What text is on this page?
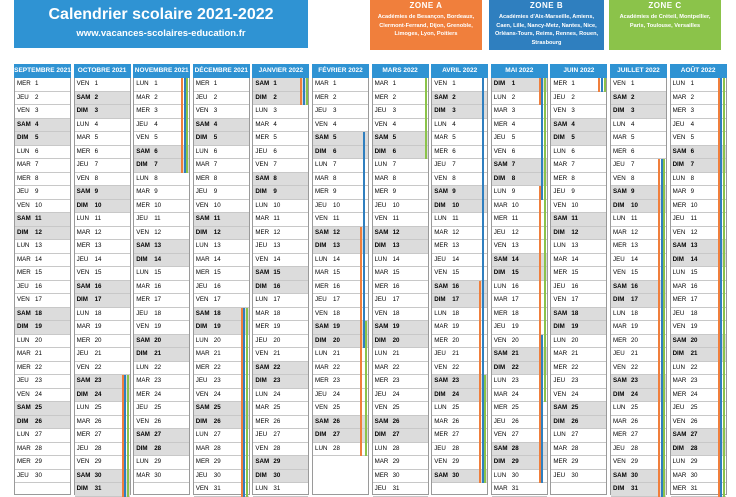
Calendrier scolaire 2021-2022
www.vacances-scolaires-education.fr
ZONE A
Académies de Besançon, Bordeaux, Clermont-Ferrand, Dijon, Grenoble, Limoges, Lyon, Poitiers
ZONE B
Académies d'Aix-Marseille, Amiens, Caen, Lille, Nancy-Metz, Nantes, Nice, Orléans-Tours, Reims, Rennes, Rouen, Strasbourg
ZONE C
Académies de Créteil, Montpellier, Paris, Toulouse, Versailles
SEPTEMBRE 2021
MER 1
JEU 2
VEN 3
SAM 4
DIM 5
LUN 6
MAR 7
MER 8
JEU 9
VEN 10
SAM 11
DIM 12
LUN 13
MAR 14
MER 15
JEU 16
VEN 17
SAM 18
DIM 19
LUN 20
MAR 21
MER 22
JEU 23
VEN 24
SAM 25
DIM 26
LUN 27
MAR 28
MER 29
JEU 30
OCTOBRE 2021
VEN 1
SAM 2
DIM 3
LUN 4
MAR 5
MER 6
JEU 7
VEN 8
SAM 9
DIM 10
LUN 11
MAR 12
MER 13
JEU 14
VEN 15
SAM 16
DIM 17
LUN 18
MAR 19
MER 20
JEU 21
VEN 22
SAM 23
DIM 24
LUN 25
MAR 26
MER 27
JEU 28
VEN 29
SAM 30
DIM 31
NOVEMBRE 2021
LUN 1
MAR 2
MER 3
JEU 4
VEN 5
SAM 6
DIM 7
LUN 8
MAR 9
MER 10
JEU 11
VEN 12
SAM 13
DIM 14
LUN 15
MAR 16
MER 17
JEU 18
VEN 19
SAM 20
DIM 21
LUN 22
MAR 23
MER 24
JEU 25
VEN 26
SAM 27
DIM 28
LUN 29
MAR 30
DÉCEMBRE 2021
MER 1
JEU 2
VEN 3
SAM 4
DIM 5
LUN 6
MAR 7
MER 8
JEU 9
VEN 10
SAM 11
DIM 12
LUN 13
MAR 14
MER 15
JEU 16
VEN 17
SAM 18
DIM 19
LUN 20
MAR 21
MER 22
JEU 23
VEN 24
SAM 25
DIM 26
LUN 27
MAR 28
MER 29
JEU 30
VEN 31
JANVIER 2022
SAM 1
DIM 2
LUN 3
MAR 4
MER 5
JEU 6
VEN 7
SAM 8
DIM 9
LUN 10
MAR 11
MER 12
JEU 13
VEN 14
SAM 15
DIM 16
LUN 17
MAR 18
MER 19
JEU 20
VEN 21
SAM 22
DIM 23
LUN 24
MAR 25
MER 26
JEU 27
VEN 28
SAM 29
DIM 30
LUN 31
FÉVRIER 2022
MAR 1
MER 2
JEU 3
VEN 4
SAM 5
DIM 6
LUN 7
MAR 8
MER 9
JEU 10
VEN 11
SAM 12
DIM 13
LUN 14
MAR 15
MER 16
JEU 17
VEN 18
SAM 19
DIM 20
LUN 21
MAR 22
MER 23
JEU 24
VEN 25
SAM 26
DIM 27
LUN 28
MARS 2022
MAR 1
MER 2
JEU 3
VEN 4
SAM 5
DIM 6
LUN 7
MAR 8
MER 9
JEU 10
VEN 11
SAM 12
DIM 13
LUN 14
MAR 15
MER 16
JEU 17
VEN 18
SAM 19
DIM 20
LUN 21
MAR 22
MER 23
JEU 24
VEN 25
SAM 26
DIM 27
LUN 28
MAR 29
MER 30
JEU 31
AVRIL 2022
VEN 1
SAM 2
DIM 3
LUN 4
MAR 5
MER 6
JEU 7
VEN 8
SAM 9
DIM 10
LUN 11
MAR 12
MER 13
JEU 14
VEN 15
SAM 16
DIM 17
LUN 18
MAR 19
MER 20
JEU 21
VEN 22
SAM 23
DIM 24
LUN 25
MAR 26
MER 27
JEU 28
VEN 29
SAM 30
MAI 2022
DIM 1
LUN 2
MAR 3
MER 4
JEU 5
VEN 6
SAM 7
DIM 8
LUN 9
MAR 10
MER 11
JEU 12
VEN 13
SAM 14
DIM 15
LUN 16
MAR 17
MER 18
JEU 19
VEN 20
SAM 21
DIM 22
LUN 23
MAR 24
MER 25
JEU 26
VEN 27
SAM 28
DIM 29
LUN 30
MAR 31
JUIN 2022
MER 1
JEU 2
VEN 3
SAM 4
DIM 5
LUN 6
MAR 7
MER 8
JEU 9
VEN 10
SAM 11
DIM 12
LUN 13
MAR 14
MER 15
JEU 16
VEN 17
SAM 18
DIM 19
LUN 20
MAR 21
MER 22
JEU 23
VEN 24
SAM 25
DIM 26
LUN 27
MAR 28
MER 29
JEU 30
JUILLET 2022
VEN 1
SAM 2
DIM 3
LUN 4
MAR 5
MER 6
JEU 7
VEN 8
SAM 9
DIM 10
LUN 11
MAR 12
MER 13
JEU 14
VEN 15
SAM 16
DIM 17
LUN 18
MAR 19
MER 20
JEU 21
VEN 22
SAM 23
DIM 24
LUN 25
MAR 26
MER 27
JEU 28
VEN 29
SAM 30
DIM 31
AOÛT 2022
LUN 1
MAR 2
MER 3
JEU 4
VEN 5
SAM 6
DIM 7
LUN 8
MAR 9
MER 10
JEU 11
VEN 12
SAM 13
DIM 14
LUN 15
MAR 16
MER 17
JEU 18
VEN 19
SAM 20
DIM 21
LUN 22
MAR 23
MER 24
JEU 25
VEN 26
SAM 27
DIM 28
LUN 29
MAR 30
MER 31
